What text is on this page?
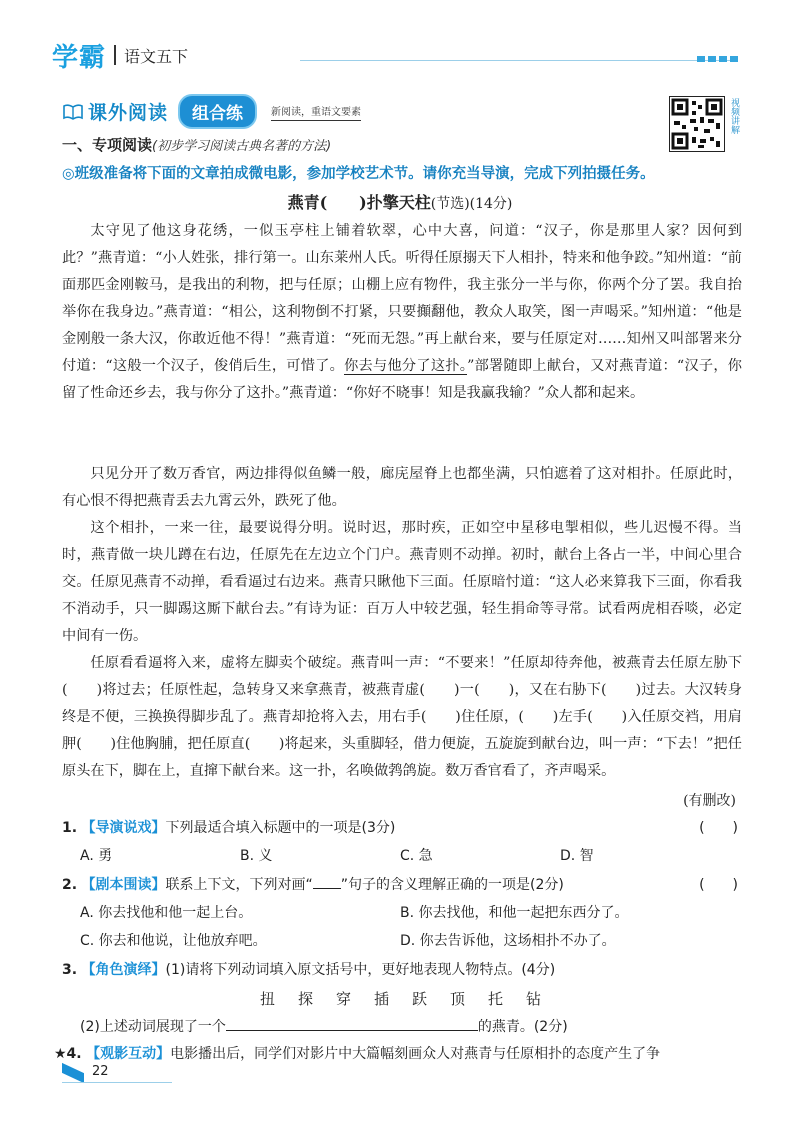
学霸 语文五下
课外阅读	组合练	新阅读，重语文要素	视频讲解
一、专项阅读(初步学习阅读古典名著的方法)
◎班级准备将下面的文章拍成微电影，参加学校艺术节。请你充当导演，完成下列拍摄任务。
燕青(　　)扑擎天柱(节选)(14分)
太守见了他这身花绣，一似玉亭柱上铺着软翠，心中大喜，问道：“汉子，你是那里人家？因何到此？”燕青道：“小人姓张，排行第一。山东莱州人氏。听得任原搦天下人相扑，特来和他争跤。”知州道：“前面那匹金刚鞍马，是我出的利物，把与任原；山棚上应有物件，我主张分一半与你，你两个分了罢。我自抬举你在我身边。”燕青道：“相公，这利物倒不打紧，只要攧翻他，教众人取笑，图一声喝采。”知州道：“他是金刚般一条大汉，你敢近他不得！”燕青道：“死而无怨。”再上献台来，要与任原定对……知州又叫部署来分付道：“这般一个汉子，俊俏后生，可惜了。你去与他分了这扑。”部署随即上献台，又对燕青道：“汉子，你留了性命还乡去，我与你分了这扑。”燕青道：“你好不晓事！知是我赢我输？”众人都和起来。
只见分开了数万香官，两边排得似鱼鳞一般，廊庑屋脊上也都坐满，只怕遮着了这对相扑。任原此时，有心恨不得把燕青丢去九霄云外，跌死了他。
这个相扑，一来一往，最要说得分明。说时迟，那时疾，正如空中星移电掣相似，些儿迟慢不得。当时，燕青做一块儿蹲在右边，任原先在左边立个门户。燕青则不动掸。初时，献台上各占一半，中间心里合交。任原见燕青不动掸，看看逼过右边来。燕青只瞅他下三面。任原暗忖道：“这人必来算我下三面，你看我不消动手，只一脚踢这厮下献台去。”有诗为证：百万人中较艺强，轻生捐命等寻常。试看两虎相吞啖，必定中间有一伤。
任原看看逼将入来，虚将左脚卖个破绽。燕青叫一声：“不要来！”任原却待奔他，被燕青去任原左胁下(　　)将过去；任原性起，急转身又来拿燕青，被燕青虚(　　)一(　　)，又在右胁下(　　)过去。大汉转身终是不便，三换换得脚步乱了。燕青却抢将入去，用右手(　　)住任原，(　　)左手(　　)入任原交裆，用肩胛(　　)住他胸脯，把任原直(　　)将起来，头重脚轻，借力便旋，五旋旋到献台边，叫一声：“下去！”把任原头在下，脚在上，直撺下献台来。这一扑，名唤做鹁鸽旋。数万香官看了，齐声喝采。
(有删改)
1. 【导演说戏】下列最适合填入标题中的一项是(3分)	(　　)
A. 勇	B. 义	C. 急	D. 智
2. 【剧本围读】联系上下文，下列对画“ ”句子的含义理解正确的一项是(2分)	(　　)
A. 你去找他和他一起上台。	B. 你去找他，和他一起把东西分了。
C. 你去和他说，让他放弃吧。	D. 你去告诉他，这场相扑不办了。
3. 【角色演绎】(1)请将下列动词填入原文括号中，更好地表现人物特点。(4分)
扭 探 穿 插 跃 顶 托 钻
(2)上述动词展现了一个	的燕青。(2分)
★4. 【观影互动】电影播出后，同学们对影片中大篇幅刻画众人对燕青与任原相扑的态度产生了争
22
